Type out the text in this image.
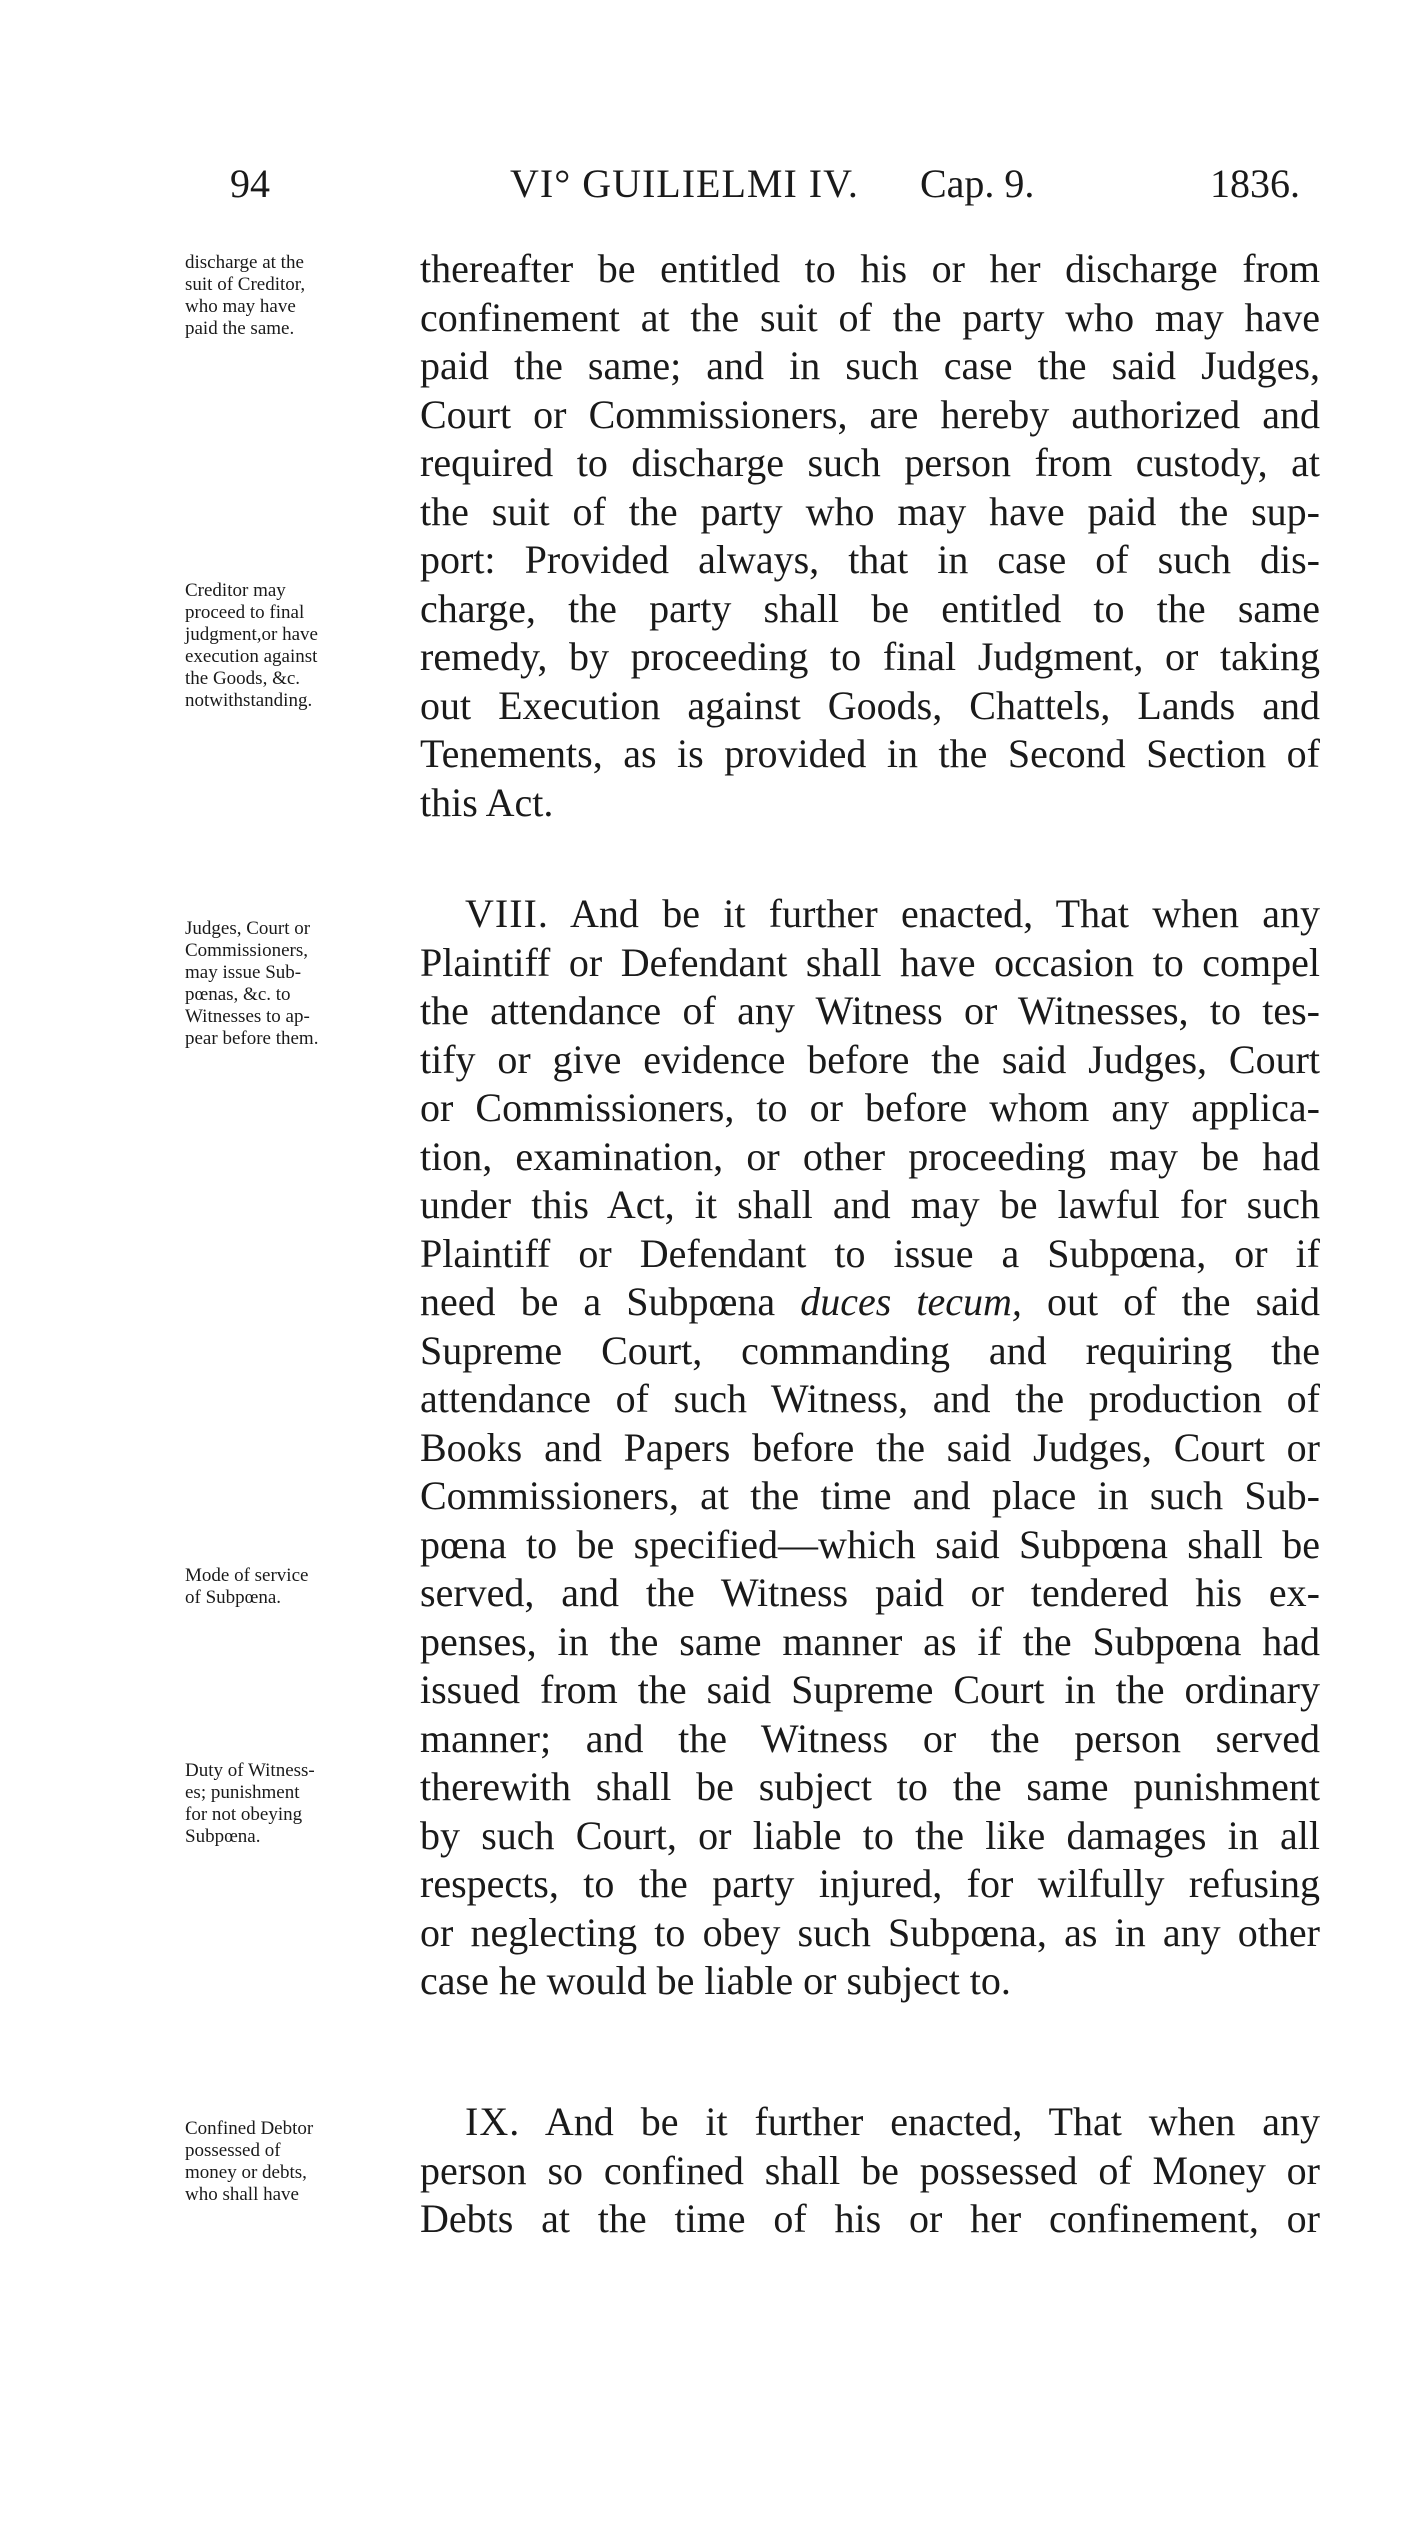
94	VI° GUILIELMI IV. Cap. 9.	1836.
discharge at the
suit of Creditor,
who may have
paid the same.
Creditor may
proceed to final
judgment,or have
execution against
the Goods, &c.
notwithstanding.
Judges, Court or
Commissioners,
may issue Sub-
pœnas, &c. to
Witnesses to ap-
pear before them.
Mode of service
of Subpœna.
Duty of Witness-
es; punishment
for not obeying
Subpœna.
Confined Debtor
possessed of
money or debts,
who shall have
thereafter be entitled to his or her discharge from
confinement at the suit of the party who may have
paid the same; and in such case the said Judges,
Court or Commissioners, are hereby authorized and
required to discharge such person from custody, at
the suit of the party who may have paid the sup-
port: Provided always, that in case of such dis-
charge, the party shall be entitled to the same
remedy, by proceeding to final Judgment, or taking
out Execution against Goods, Chattels, Lands and
Tenements, as is provided in the Second Section of
this Act.
VIII. And be it further enacted, That when any
Plaintiff or Defendant shall have occasion to compel
the attendance of any Witness or Witnesses, to tes-
tify or give evidence before the said Judges, Court
or Commissioners, to or before whom any applica-
tion, examination, or other proceeding may be had
under this Act, it shall and may be lawful for such
Plaintiff or Defendant to issue a Subpœna, or if
need be a Subpœna duces tecum, out of the said
Supreme Court, commanding and requiring the
attendance of such Witness, and the production of
Books and Papers before the said Judges, Court or
Commissioners, at the time and place in such Sub-
pœna to be specified—which said Subpœna shall be
served, and the Witness paid or tendered his ex-
penses, in the same manner as if the Subpœna had
issued from the said Supreme Court in the ordinary
manner; and the Witness or the person served
therewith shall be subject to the same punishment
by such Court, or liable to the like damages in all
respects, to the party injured, for wilfully refusing
or neglecting to obey such Subpœna, as in any other
case he would be liable or subject to.
IX. And be it further enacted, That when any
person so confined shall be possessed of Money or
Debts at the time of his or her confinement, or
